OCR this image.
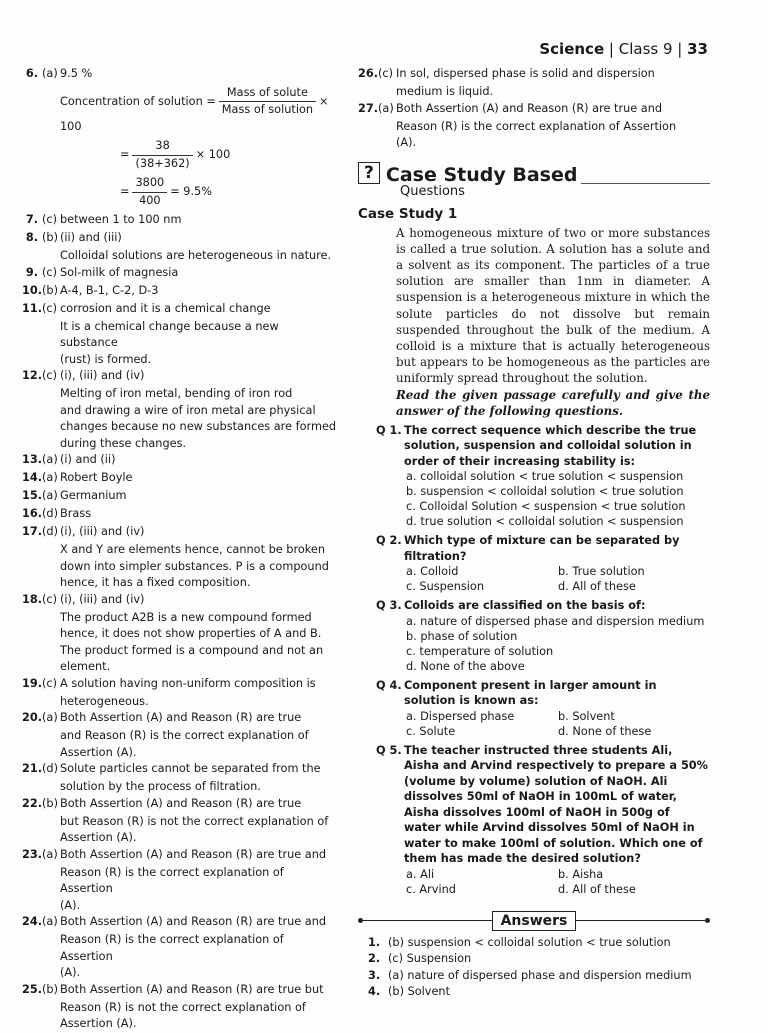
Science | Class 9 | 33
6. (a) 9.5 %
Concentration of solution = $\frac{\text{Mass of solute}}{\text{Mass of solution}} \times 100$
= $\frac{38}{(38+362)} \times 100$
= $\frac{3800}{400} = 9.5\%$
7. (c) between 1 to 100 nm
8. (b) (ii) and (iii)
Colloidal solutions are heterogeneous in nature.
9. (c) Sol-milk of magnesia
10. (b) A-4, B-1, C-2, D-3
11. (c) corrosion and it is a chemical change
It is a chemical change because a new substance
(rust) is formed.
12. (c) (i), (iii) and (iv)
Melting of iron metal, bending of iron rod
and drawing a wire of iron metal are physical
changes because no new substances are formed
during these changes.
13. (a) (i) and (ii)
14. (a) Robert Boyle
15. (a) Germanium
16. (d) Brass
17. (d) (i), (iii) and (iv)
X and Y are elements hence, cannot be broken
down into simpler substances. P is a compound
hence, it has a fixed composition.
18. (c) (i), (iii) and (iv)
The product A2B is a new compound formed
hence, it does not show properties of A and B.
The product formed is a compound and not an
element.
19. (c) A solution having non-uniform composition is
heterogeneous.
20. (a) Both Assertion (A) and Reason (R) are true
and Reason (R) is the correct explanation of
Assertion (A).
21. (d) Solute particles cannot be separated from the
solution by the process of filtration.
22. (b) Both Assertion (A) and Reason (R) are true
but Reason (R) is not the correct explanation of
Assertion (A).
23. (a) Both Assertion (A) and Reason (R) are true and
Reason (R) is the correct explanation of Assertion
(A).
24. (a) Both Assertion (A) and Reason (R) are true and
Reason (R) is the correct explanation of Assertion
(A).
25. (b) Both Assertion (A) and Reason (R) are true but
Reason (R) is not the correct explanation of
Assertion (A).
26. (c) In sol, dispersed phase is solid and dispersion
medium is liquid.
27. (a) Both Assertion (A) and Reason (R) are true and
Reason (R) is the correct explanation of Assertion
(A).
? Case Study Based
Questions
Case Study 1
A homogeneous mixture of two or more substances is called a true solution. A solution has a solute and a solvent as its component. The particles of a true solution are smaller than 1nm in diameter. A suspension is a heterogeneous mixture in which the solute particles do not dissolve but remain suspended throughout the bulk of the medium. A colloid is a mixture that is actually heterogeneous but appears to be homogeneous as the particles are uniformly spread throughout the solution.
Read the given passage carefully and give the answer of the following questions.
Q 1. The correct sequence which describe the true solution, suspension and colloidal solution in order of their increasing stability is:
a. colloidal solution < true solution < suspension
b. suspension < colloidal solution < true solution
c. Colloidal Solution < suspension < true solution
d. true solution < colloidal solution < suspension
Q 2. Which type of mixture can be separated by filtration?
a. Colloid	b. True solution
c. Suspension	d. All of these
Q 3. Colloids are classified on the basis of:
a. nature of dispersed phase and dispersion medium
b. phase of solution
c. temperature of solution
d. None of the above
Q 4. Component present in larger amount in solution is known as:
a. Dispersed phase	b. Solvent
c. Solute	d. None of these
Q 5. The teacher instructed three students Ali, Aisha and Arvind respectively to prepare a 50% (volume by volume) solution of NaOH. Ali dissolves 50ml of NaOH in 100mL of water, Aisha dissolves 100ml of NaOH in 500g of water while Arvind dissolves 50ml of NaOH in water to make 100ml of solution. Which one of them has made the desired solution?
a. Ali	b. Aisha
c. Arvind	d. All of these
Answers
1. (b) suspension < colloidal solution < true solution
2. (c) Suspension
3. (a) nature of dispersed phase and dispersion medium
4. (b) Solvent
